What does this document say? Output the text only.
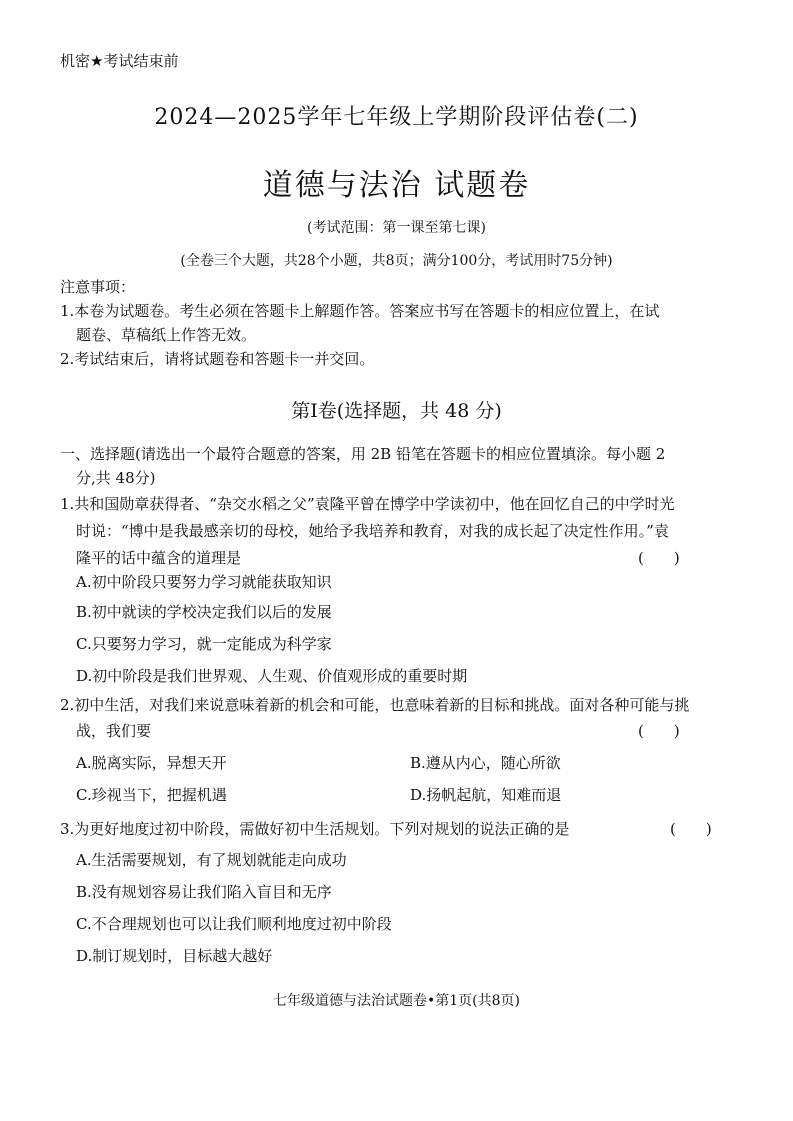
机密★考试结束前
2024—2025学年七年级上学期阶段评估卷(二)
道德与法治 试题卷
(考试范围：第一课至第七课)
(全卷三个大题，共28个小题，共8页；满分100分，考试用时75分钟)
注意事项：
1.本卷为试题卷。考生必须在答题卡上解题作答。答案应书写在答题卡的相应位置上，在试
题卷、草稿纸上作答无效。
2.考试结束后，请将试题卷和答题卡一并交回。
第Ⅰ卷(选择题，共 48 分)
一、选择题(请选出一个最符合题意的答案，用 2B 铅笔在答题卡的相应位置填涂。每小题 2
分,共 48分)
1.共和国勋章获得者、“杂交水稻之父”袁隆平曾在博学中学读初中，他在回忆自己的中学时光
时说：“博中是我最感亲切的母校，她给予我培养和教育，对我的成长起了决定性作用。”袁
隆平的话中蕴含的道理是	(　　)
A.初中阶段只要努力学习就能获取知识
B.初中就读的学校决定我们以后的发展
C.只要努力学习，就一定能成为科学家
D.初中阶段是我们世界观、人生观、价值观形成的重要时期
2.初中生活，对我们来说意味着新的机会和可能，也意味着新的目标和挑战。面对各种可能与挑
战，我们要	(　　)
A.脱离实际，异想天开	B.遵从内心，随心所欲
C.珍视当下，把握机遇	D.扬帆起航，知难而退
3.为更好地度过初中阶段，需做好初中生活规划。下列对规划的说法正确的是	(　　)
A.生活需要规划，有了规划就能走向成功
B.没有规划容易让我们陷入盲目和无序
C.不合理规划也可以让我们顺利地度过初中阶段
D.制订规划时，目标越大越好
七年级道德与法治试题卷•第1页(共8页)
